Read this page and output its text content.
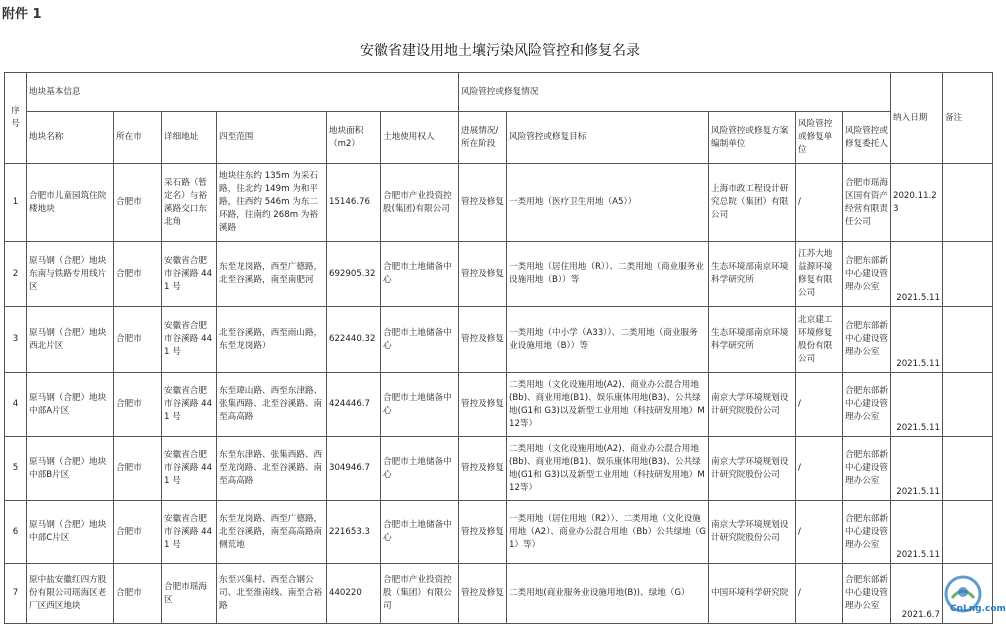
附件 1
安徽省建设用地土壤污染风险管控和修复名录
序号	地块基本信息						风险管控或修复情况					纳入日期	备注
	地块名称	所在市	详细地址	四至范围	地块面积（m2）	土地使用权人	进展情况/所在阶段	风险管控或修复目标	风险管控或修复方案编制单位	风险管控或修复单位	风险管控或修复委托人		
1	合肥市儿童园筑住院楼地块	合肥市	采石路（暂定名）与裕溪路交口东北角	地块往东约 135m 为采石路，往北约 149m 为和平路，往西约 546m 为东二环路，往南约 268m 为裕溪路	15146.76	合肥市产业投资控股(集团)有限公司	管控及修复	一类用地（医疗卫生用地（A5））	上海市政工程设计研究总院（集团）有限公司	/	合肥市瑶海区国有资产经营有限责任公司	2020.11.23	
2	原马钢（合肥）地块东南与铁路专用线片区	合肥市	安徽省合肥市谷溪路 441 号	东至龙岗路，西至广德路，北至谷溪路，南至南肥河	692905.32	合肥市土地储备中心	管控及修复	一类用地（居住用地（R））、二类用地（商业服务业设施用地（B））等	生态环境部南京环境科学研究所	江苏大地益源环境修复有限公司	合肥东部新中心建设管理办公室	2021.5.11	

3	原马钢（合肥）地块西北片区	合肥市	安徽省合肥市谷溪路 441 号	北至谷溪路，西至雨山路，东至龙岗路）	622440.32	合肥市土地储备中心	管控及修复	一类用地（中小学（A33））、二类用地（商业服务业设施用地（B））等	生态环境部南京环境科学研究所	北京建工环境修复股份有限公司	合肥东部新中心建设管理办公室	2021.5.11	

4	原马钢（合肥）地块中部A片区	合肥市	安徽省合肥市谷溪路 441 号	东至瑋山路、西至东津路、张集西路、北至谷溪路、南至高高路	424446.7	合肥市土地储备中心	管控及修复	二类用地（文化设施用地(A2)、商业办公混合用地(Bb)、商业用地(B1)、娱乐康体用地(B3)、公共绿地(G1和 G3)以及新型工业用地（科技研发用地）M12等）	南京大学环境规划设计研究院股份公司	/	合肥东部新中心建设管理办公室	2021.5.11	

5	原马钢（合肥）地块中部B片区	合肥市	安徽省合肥市谷溪路 441 号	东至东津路、张集西路、西至龙岗路、北至谷溪路、南至高高路	304946.7	合肥市土地储备中心	管控及修复	二类用地（文化设施用地(A2)、商业办公混合用地(Bb)、商业用地(B1)、娱乐康体用地(B3)、公共绿地(G1和 G3)以及新型工业用地（科技研发用地）M12等）	南京大学环境规划设计研究院股份公司	/	合肥东部新中心建设管理办公室	2021.5.11	

6	原马钢（合肥）地块中部C片区	合肥市	安徽省合肥市谷溪路 441 号	东至龙岗路、西至广德路，北至谷溪路，南至高高路南侧荒地	221653.3	合肥市土地储备中心	管控及修复	一类用地（居住用地（R2））、二类用地（文化设施用地（A2）、商业办公混合用地（Bb）公共绿地（G1）等）	南京大学环境规划设计研究院股份公司	/	合肥东部新中心建设管理办公室	2021.5.11	

7	原中盐安徽红四方股份有限公司瑶海区老厂区西区地块	合肥市	合肥市瑶海区	东至兴集村、西至合钢公司、北至淮南线、南至合裕路	440220	合肥市产业投资控股（集团）有限公司	管控及修复	二类用地(商业服务业设施用地(B))、绿地（G）	中国环境科学研究院	/	合肥东部新中心建设管理办公室	2021.6.7	

CnLng.com
